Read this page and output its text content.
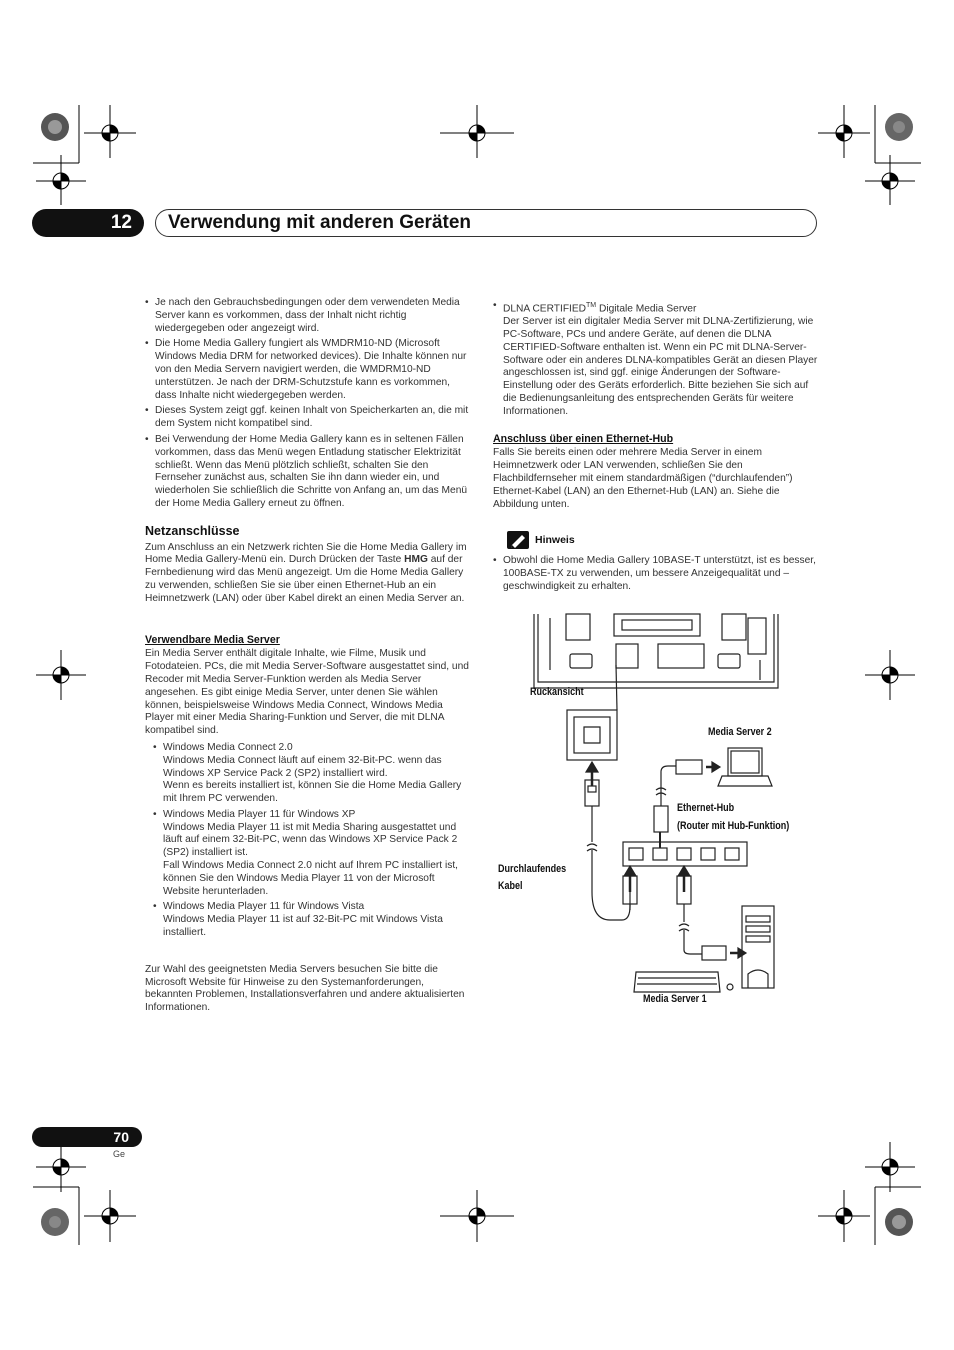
12	Verwendung mit anderen Geräten
• Je nach den Gebrauchsbedingungen oder dem verwendeten Media Server kann es vorkommen, dass der Inhalt nicht richtig wiedergegeben oder angezeigt wird.
• Die Home Media Gallery fungiert als WMDRM10-ND (Microsoft Windows Media DRM for networked devices). Die Inhalte können nur von den Media Servern navigiert werden, die WMDRM10-ND unterstützen. Je nach der DRM-Schutzstufe kann es vorkommen, dass Inhalte nicht wiedergegeben werden.
• Dieses System zeigt ggf. keinen Inhalt von Speicherkarten an, die mit dem System nicht kompatibel sind.
• Bei Verwendung der Home Media Gallery kann es in seltenen Fällen vorkommen, dass das Menü wegen Entladung statischer Elektrizität schließt. Wenn das Menü plötzlich schließt, schalten Sie den Fernseher zunächst aus, schalten Sie ihn dann wieder ein, und wiederholen Sie schließlich die Schritte von Anfang an, um das Menü der Home Media Gallery erneut zu öffnen.
Netzanschlüsse

Zum Anschluss an ein Netzwerk richten Sie die Home Media Gallery im Home Media Gallery-Menü ein. Durch Drücken der Taste HMG auf der Fernbedienung wird das Menü angezeigt. Um die Home Media Gallery zu verwenden, schließen Sie sie über einen Ethernet-Hub an ein Heimnetzwerk (LAN) oder über Kabel direkt an einen Media Server an.

Verwendbare Media Server

Ein Media Server enthält digitale Inhalte, wie Filme, Musik und Fotodateien. PCs, die mit Media Server-Software ausgestattet sind, und Recoder mit Media Server-Funktion werden als Media Server angesehen. Es gibt einige Media Server, unter denen Sie wählen können, beispielsweise Windows Media Connect, Windows Media Player mit einer Media Sharing-Funktion und Server, die mit DLNA kompatibel sind.

• Windows Media Connect 2.0
Windows Media Connect läuft auf einem 32-Bit-PC. wenn das Windows XP Service Pack 2 (SP2) installiert wird.
Wenn es bereits installiert ist, können Sie die Home Media Gallery mit Ihrem PC verwenden.
• Windows Media Player 11 für Windows XP
Windows Media Player 11 ist mit Media Sharing ausgestattet und läuft auf einem 32-Bit-PC, wenn das Windows XP Service Pack 2 (SP2) installiert ist.
Fall Windows Media Connect 2.0 nicht auf Ihrem PC installiert ist, können Sie den Windows Media Player 11 von der Microsoft Website herunterladen.
• Windows Media Player 11 für Windows Vista
Windows Media Player 11 ist auf 32-Bit-PC mit Windows Vista installiert.

Zur Wahl des geeignetsten Media Servers besuchen Sie bitte die Microsoft Website für Hinweise zu den Systemanforderungen, bekannten Problemen, Installationsverfahren und andere aktualisierten Informationen.

• DLNA CERTIFIED™ Digitale Media Server
Der Server ist ein digitaler Media Server mit DLNA-Zertifizierung, wie PC-Software, PCs und andere Geräte, auf denen die DLNA CERTIFIED-Software enthalten ist. Wenn ein PC mit DLNA-Server-Software oder ein anderes DLNA-kompatibles Gerät an diesen Player angeschlossen ist, sind ggf. einige Änderungen der Software-Einstellung oder des Geräts erforderlich. Bitte beziehen Sie sich auf die Bedienungsanleitung des entsprechenden Geräts für weitere Informationen.
Anschluss über einen Ethernet-Hub

Falls Sie bereits einen oder mehrere Media Server in einem Heimnetzwerk oder LAN verwenden, schließen Sie den Flachbildfernseher mit einem standardmäßigen (“durchlaufenden”) Ethernet-Kabel (LAN) an den Ethernet-Hub (LAN) an. Siehe die Abbildung unten.

Hinweis
• Obwohl die Home Media Gallery 10BASE-T unterstützt, ist es besser, 100BASE-TX zu verwenden, um bessere Anzeigequalität und –geschwindigkeit zu erhalten.
Rückansicht
Media Server 2
Ethernet-Hub
(Router mit Hub-Funktion)
Durchlaufendes
Kabel
Media Server 1
70
Ge
